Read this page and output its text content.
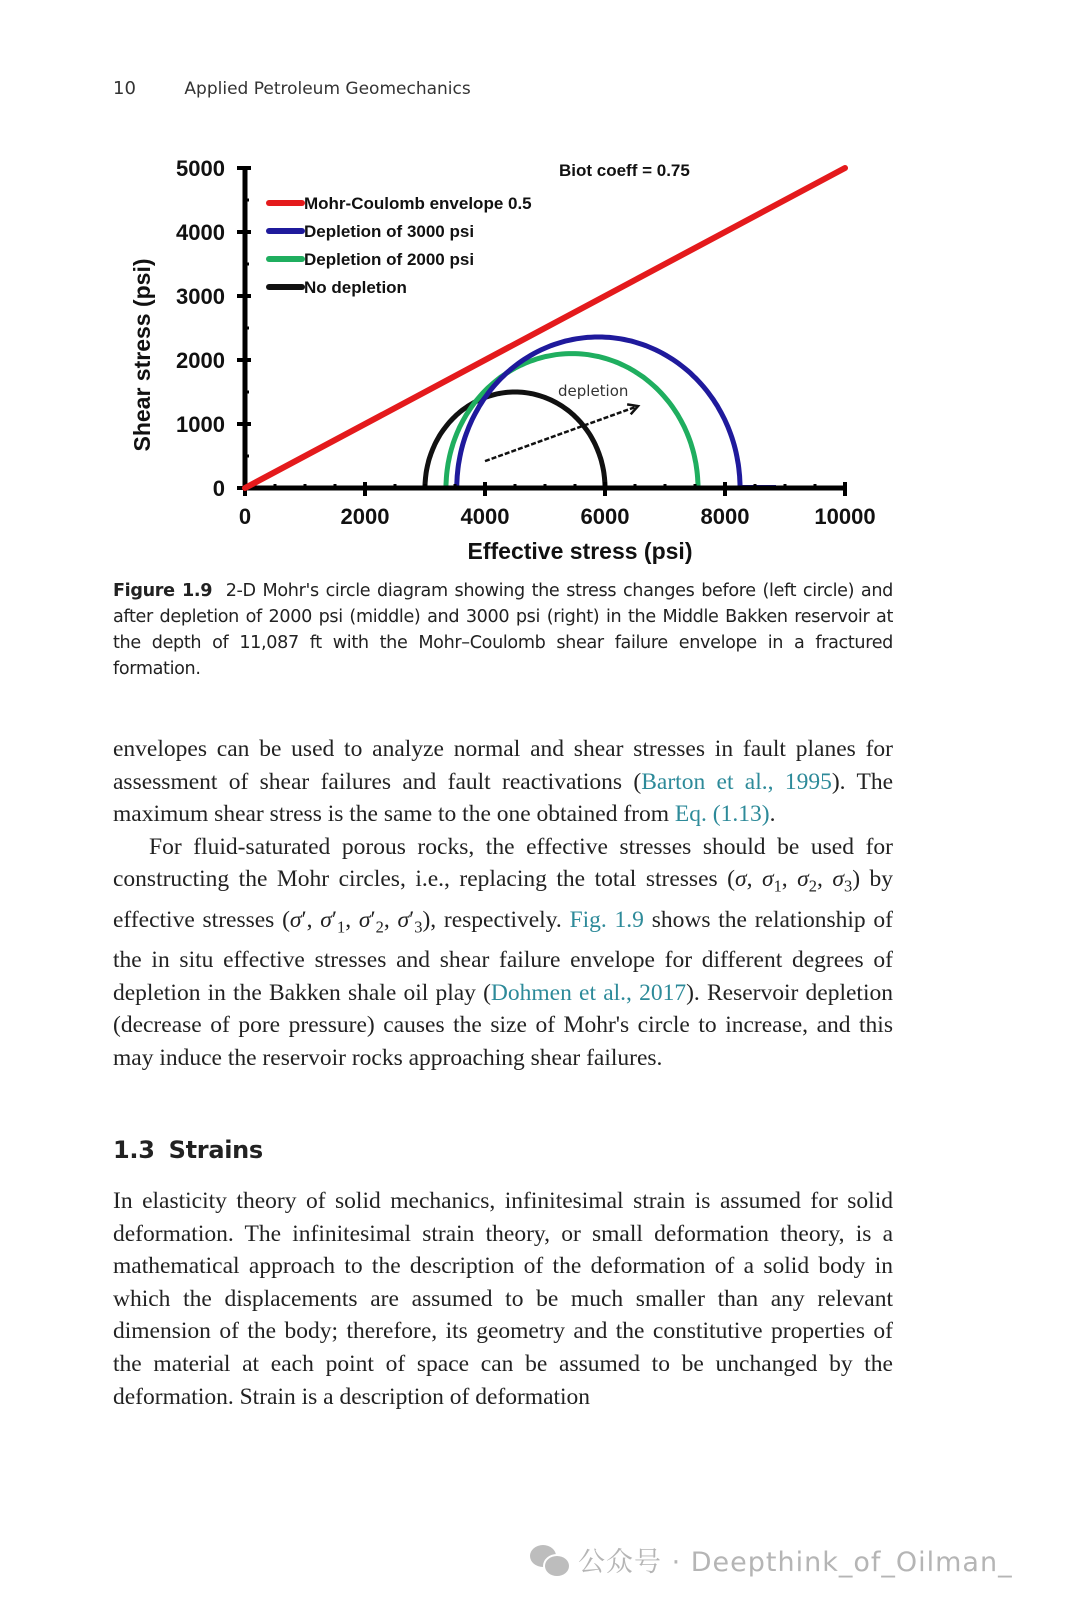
10	Applied Petroleum Geomechanics
0	2000	4000	6000	8000	10000
0
1000
2000
3000
4000
5000
Shear stress (psi)
Effective stress (psi)
Biot coeff = 0.75
depletion
Mohr-Coulomb envelope 0.5
Depletion of 3000 psi
Depletion of 2000 psi
No depletion
Figure 1.9 2-D Mohr's circle diagram showing the stress changes before (left circle) and after depletion of 2000 psi (middle) and 3000 psi (right) in the Middle Bakken reservoir at the depth of 11,087 ft with the Mohr–Coulomb shear failure envelope in a fractured formation.

envelopes can be used to analyze normal and shear stresses in fault planes for assessment of shear failures and fault reactivations (Barton et al., 1995). The maximum shear stress is the same to the one obtained from Eq. (1.13).

For fluid-saturated porous rocks, the effective stresses should be used for constructing the Mohr circles, i.e., replacing the total stresses (σ, $\sigma_1$, $\sigma_2$, $\sigma_3$) by effective stresses (σ′, $\sigma'_1$, $\sigma'_2$, $\sigma'_3$), respectively. Fig. 1.9 shows the relationship of the in situ effective stresses and shear failure envelope for different degrees of depletion in the Bakken shale oil play (Dohmen et al., 2017). Reservoir depletion (decrease of pore pressure) causes the size of Mohr's circle to increase, and this may induce the reservoir rocks approaching shear failures.

1.3 Strains

In elasticity theory of solid mechanics, infinitesimal strain is assumed for solid deformation. The infinitesimal strain theory, or small deformation theory, is a mathematical approach to the description of the deformation of a solid body in which the displacements are assumed to be much smaller than any relevant dimension of the body; therefore, its geometry and the constitutive properties of the material at each point of space can be assumed to be unchanged by the deformation. Strain is a description of deformation

公众号 · Deepthink_of_Oilman_
